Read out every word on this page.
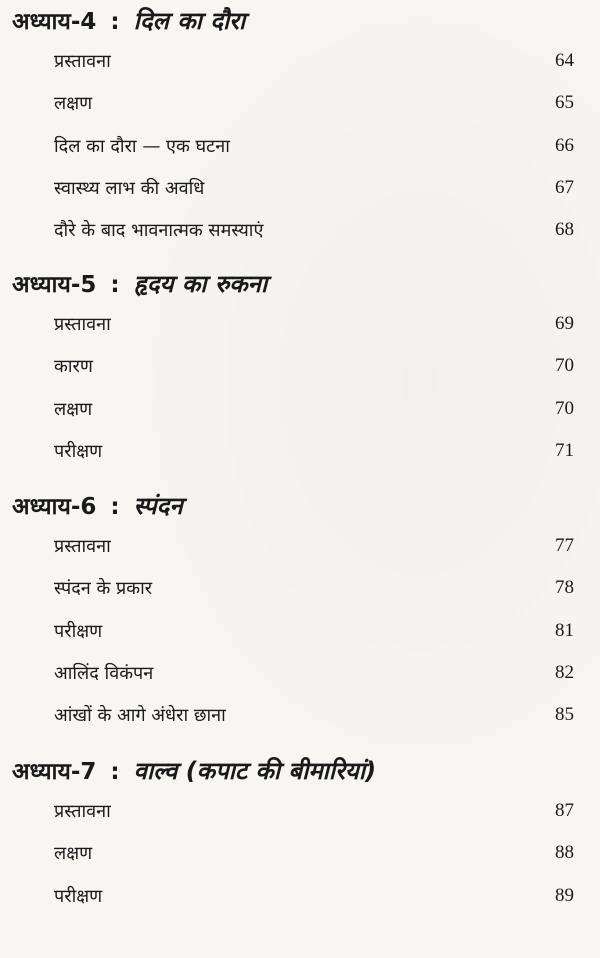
अध्याय-4 : दिल का दौरा
प्रस्तावना	64
लक्षण	65
दिल का दौरा — एक घटना	66
स्वास्थ्य लाभ की अवधि	67
दौरे के बाद भावनात्मक समस्याएं	68
अध्याय-5 : हृदय का रुकना
प्रस्तावना	69
कारण	70
लक्षण	70
परीक्षण	71
अध्याय-6 : स्पंदन
प्रस्तावना	77
स्पंदन के प्रकार	78
परीक्षण	81
आलिंद विकंपन	82
आंखों के आगे अंधेरा छाना	85
अध्याय-7 : वाल्व (कपाट की बीमारियां)
प्रस्तावना	87
लक्षण	88
परीक्षण	89
